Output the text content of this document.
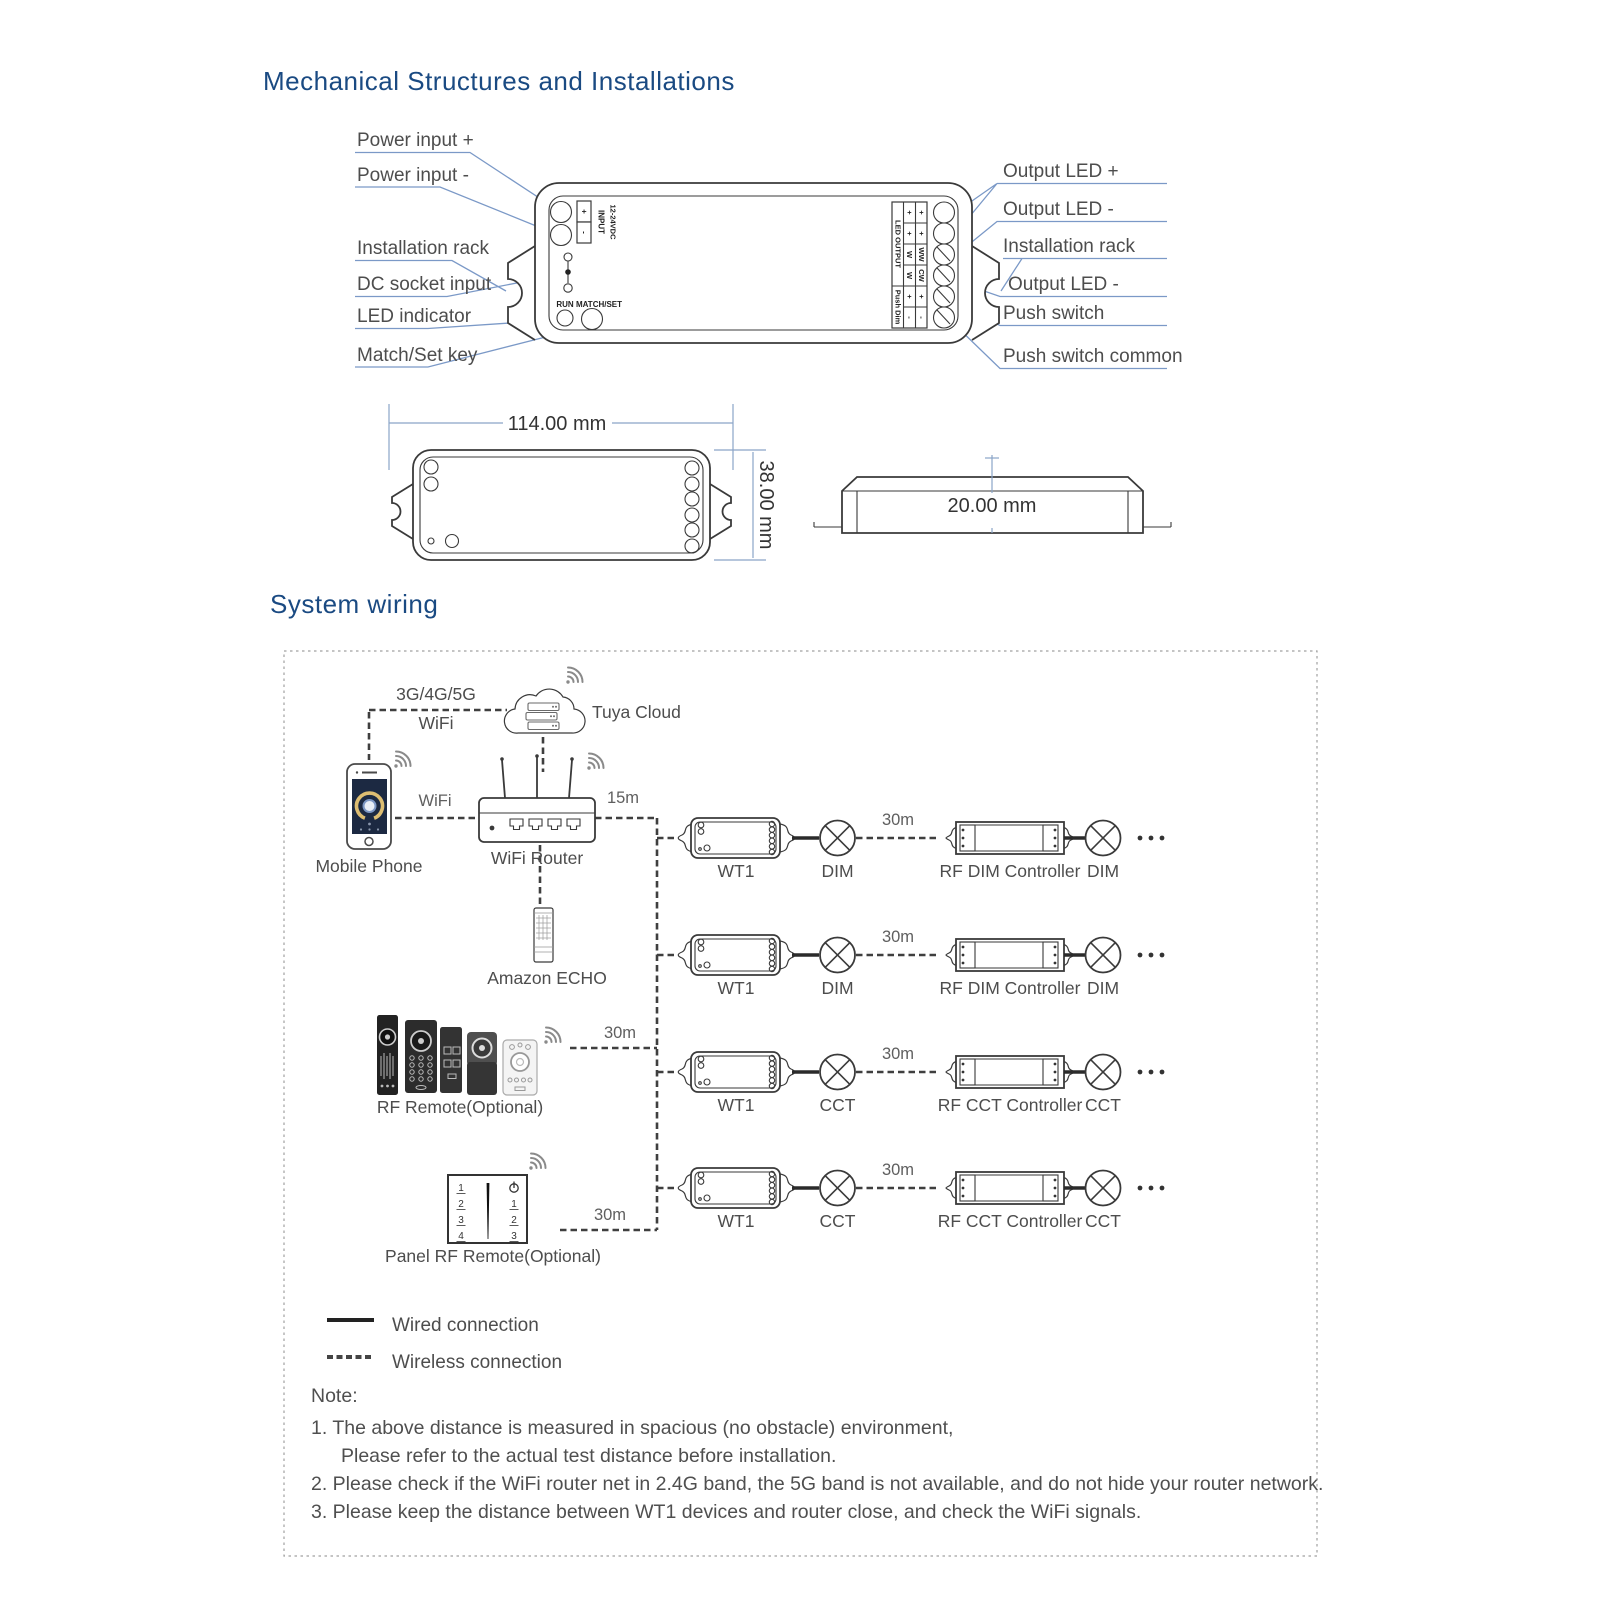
Mechanical Structures and Installations
Power input +
Power input -
Installation rack
DC socket input
LED indicator
Match/Set key
Output LED +
Output LED -
Installation rack
Output LED -
Push switch
Push switch common
+
- INPUT 12-24VDC
RUN MATCH/SET
LED OUTPUT
Push Dim
+ +
+ +
W WW
W CW
+ +
- -
114.00 mm
38.00 mm	20.00 mm
System wiring
3G/4G/5G
WiFi
WiFi	15m
30m
30m
Mobile Phone
Tuya Cloud
WiFi Router
Amazon ECHO
RF Remote(Optional)
1
2
3
4
1
2
3
Panel RF Remote(Optional)
30m
WT1	DIM	RF DIM Controller DIM
30m
WT1	DIM	RF DIM Controller DIM
30m
WT1	CCT	RF CCT Controller CCT
30m
WT1	CCT	RF CCT Controller CCT
Wired connection
Wireless connection
Note:
1. The above distance is measured in spacious (no obstacle) environment,
Please refer to the actual test distance before installation.
2. Please check if the WiFi router net in 2.4G band, the 5G band is not available, and do not hide your router network.
3. Please keep the distance between WT1 devices and router close, and check the WiFi signals.
